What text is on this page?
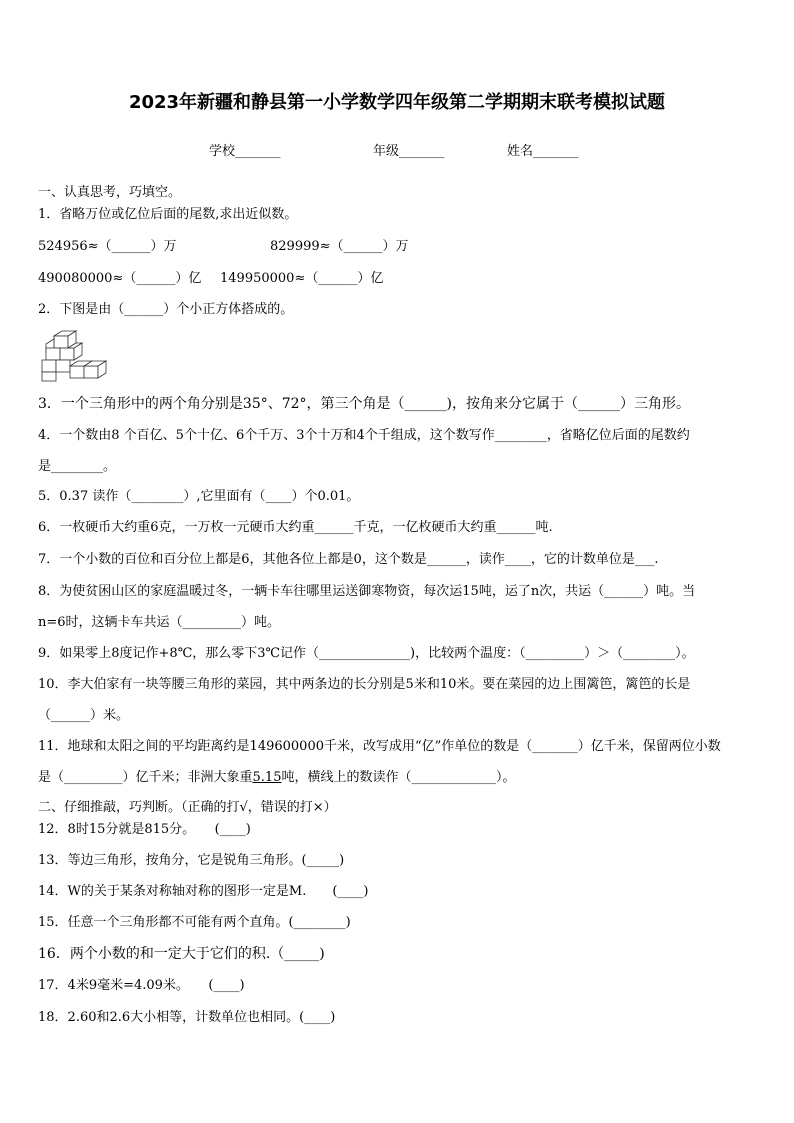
2023年新疆和静县第一小学数学四年级第二学期期末联考模拟试题
学校_______	年级_______	姓名_______
一、认真思考，巧填空。
1．省略万位或亿位后面的尾数,求出近似数。
524956≈（______）万	829999≈（______）万
490080000≈（______）亿 149950000≈（______）亿
2．下图是由（______）个小正方体搭成的。
3．一个三角形中的两个角分别是35°、72°，第三个角是（______)，按角来分它属于（______）三角形。
4．一个数由8 个百亿、5个十亿、6个千万、3个十万和4个千组成，这个数写作________，省略亿位后面的尾数约
是________。
5．0.37 读作（________）,它里面有（____）个0.01。
6．一枚硬币大约重6克，一万枚一元硬币大约重______千克，一亿枚硬币大约重______吨.
7．一个小数的百位和百分位上都是6，其他各位上都是0，这个数是______，读作____，它的计数单位是___.
8．为使贫困山区的家庭温暖过冬，一辆卡车往哪里运送御寒物资，每次运15吨，运了n次，共运（______）吨。当
n=6时，这辆卡车共运（_________）吨。
9．如果零上8度记作+8℃，那么零下3℃记作（______________)，比较两个温度：（_________）＞（________）。
10．李大伯家有一块等腰三角形的菜园，其中两条边的长分别是5米和10米。要在菜园的边上围篱笆，篱笆的长是
（______）米。
11．地球和太阳之间的平均距离约是149600000千米，改写成用“亿”作单位的数是（_______）亿千米，保留两位小数
是（_________）亿千米；非洲大象重5.15吨，横线上的数读作（_____________）。
二、仔细推敲，巧判断。（正确的打√，错误的打×）
12．8时15分就是815分。　　(____)
13．等边三角形，按角分，它是锐角三角形。(_____)
14．W的关于某条对称轴对称的图形一定是M.　　(____)
15．任意一个三角形都不可能有两个直角。(________)
16．两个小数的和一定大于它们的积.（_____)
17．4米9毫米=4.09米。　　(____)
18．2.60和2.6大小相等，计数单位也相同。(____)
